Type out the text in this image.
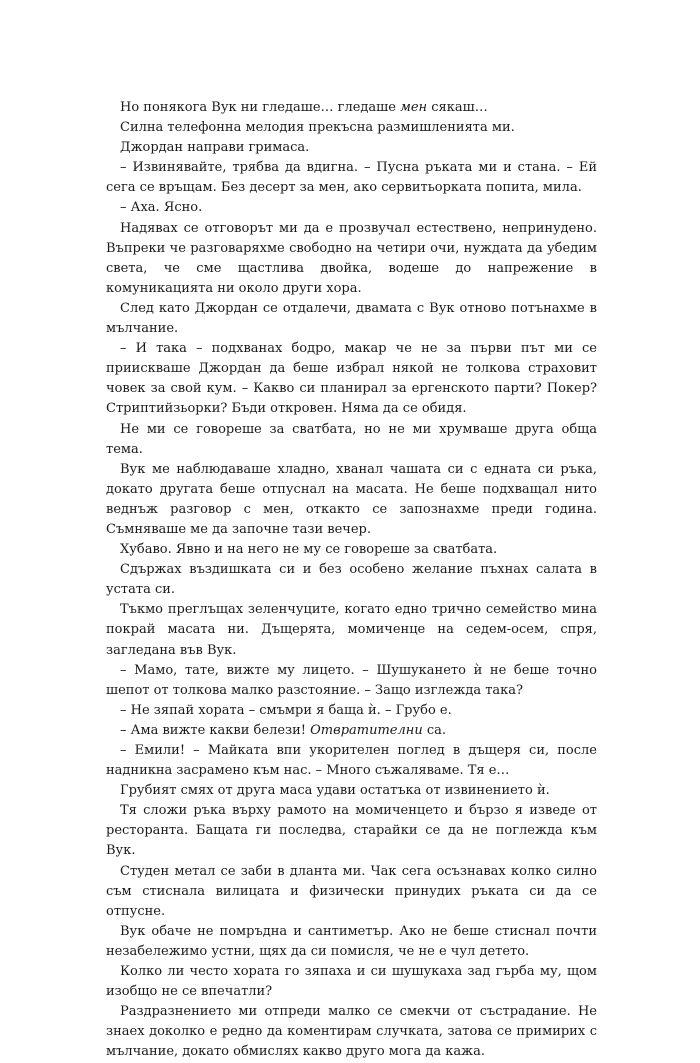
Но понякога Вук ни гледаше… гледаше мен сякаш…

Силна телефонна мелодия прекъсна размишленията ми.

Джордан направи гримаса.

– Извинявайте, трябва да вдигна. – Пусна ръката ми и стана. – Ей сега се връщам. Без десерт за мен, ако сервитьорката попита, мила.

– Аха. Ясно.

Надявах се отговорът ми да е прозвучал естествено, непринудено. Въпреки че разговаряхме свободно на четири очи, нуждата да убедим света, че сме щастлива двойка, водеше до напрежение в комуникацията ни около други хора.

След като Джордан се отдалечи, двамата с Вук отново потънахме в мълчание.

– И така – подхванах бодро, макар че не за първи път ми се приискваше Джордан да беше избрал някой не толкова страховит човек за свой кум. – Какво си планирал за ергенското парти? Покер? Стриптийзьорки? Бъди откровен. Няма да се обидя.

Не ми се говореше за сватбата, но не ми хрумваше друга обща тема.

Вук ме наблюдаваше хладно, хванал чашата си с едната си ръка, докато другата беше отпуснал на масата. Не беше подхващал нито веднъж разговор с мен, откакто се запознахме преди година. Съмняваше ме да започне тази вечер.

Хубаво. Явно и на него не му се говореше за сватбата.

Сдържах въздишката си и без особено желание пъхнах салата в устата си.

Тъкмо преглъщах зеленчуците, когато едно трично семейство мина покрай масата ни. Дъщерята, момиченце на седем-осем, спря, загледана във Вук.

– Мамо, тате, вижте му лицето. – Шушукането ѝ не беше точно шепот от толкова малко разстояние. – Защо изглежда така?

– Не зяпай хората – смъмри я баща ѝ. – Грубо е.

– Ама вижте какви белези! Отвратителни са.

– Емили! – Майката впи укорителен поглед в дъщеря си, после надникна засрамено към нас. – Много съжаляваме. Тя е…

Грубият смях от друга маса удави остатъка от извинението ѝ.

Тя сложи ръка върху рамото на момиченцето и бързо я изведе от ресторанта. Бащата ги последва, старайки се да не поглежда към Вук.

Студен метал се заби в дланта ми. Чак сега осъзнавах колко силно съм стиснала вилицата и физически принудих ръката си да се отпусне.

Вук обаче не помръдна и сантиметър. Ако не беше стиснал почти незабележимо устни, щях да си помисля, че не е чул детето.

Колко ли често хората го зяпаха и си шушукаха зад гърба му, щом изобщо не се впечатли?

Раздразнението ми отпреди малко се смекчи от състрадание. Не знаех доколко е редно да коментирам случката, затова се примирих с мълчание, докато обмислях какво друго мога да кажа.
